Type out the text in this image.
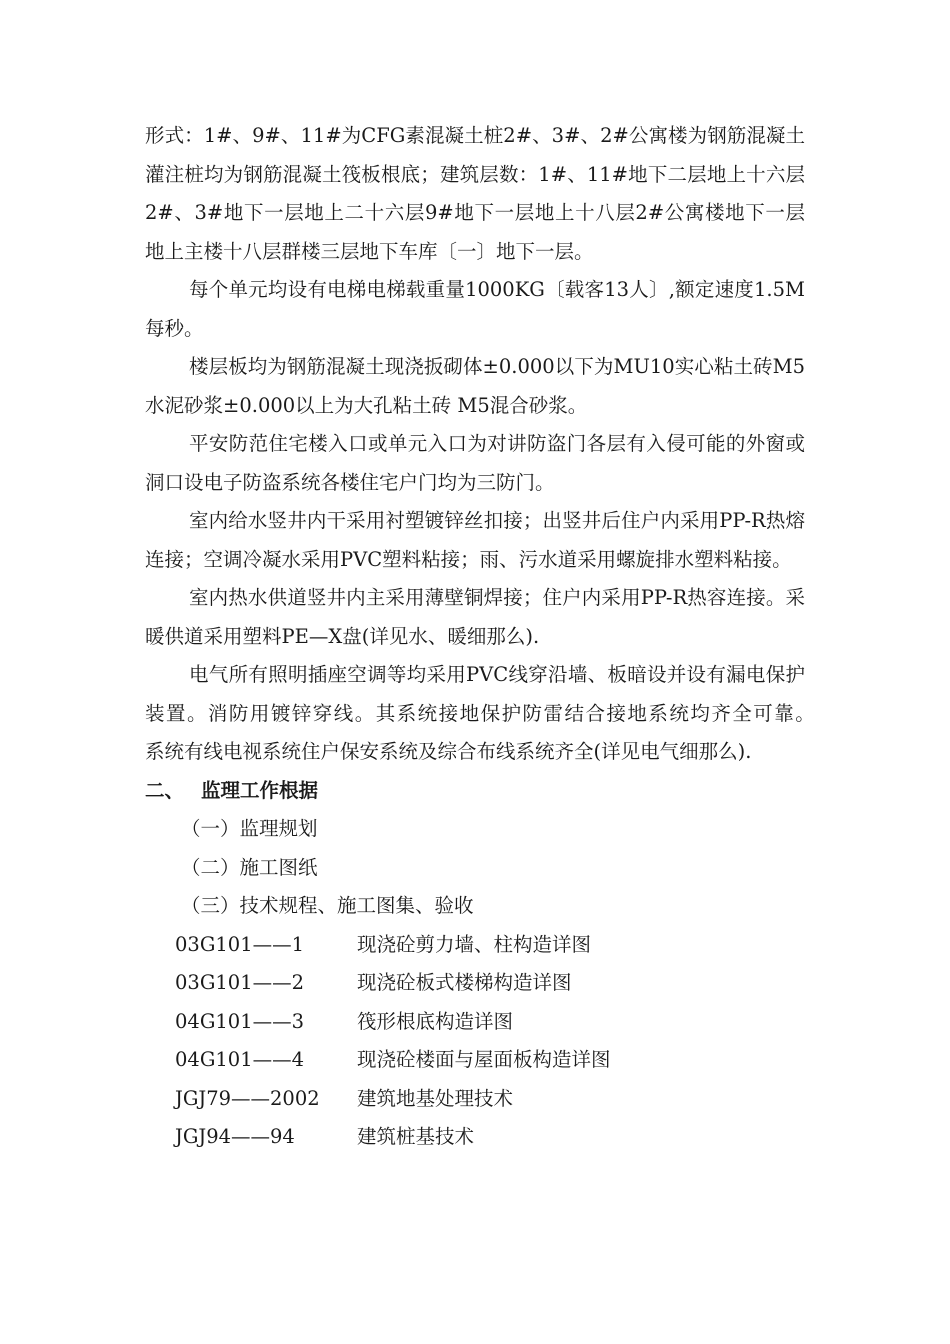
形式：1#、9#、11#为CFG素混凝土桩2#、3#、2#公寓楼为钢筋混凝土灌注桩均为钢筋混凝土筏板根底；建筑层数：1#、11#地下二层地上十六层2#、3#地下一层地上二十六层9#地下一层地上十八层2#公寓楼地下一层地上主楼十八层群楼三层地下车库〔一〕地下一层。

每个单元均设有电梯电梯载重量1000KG〔载客13人〕,额定速度1.5M每秒。

楼层板均为钢筋混凝土现浇扳砌体±0.000以下为MU10实心粘土砖M5水泥砂浆±0.000以上为大孔粘土砖 M5混合砂浆。

平安防范住宅楼入口或单元入口为对讲防盗门各层有入侵可能的外窗或洞口设电子防盗系统各楼住宅户门均为三防门。

室内给水竖井内干采用衬塑镀锌丝扣接；出竖井后住户内采用PP-R热熔连接；空调冷凝水采用PVC塑料粘接；雨、污水道采用螺旋排水塑料粘接。

室内热水供道竖井内主采用薄壁铜焊接；住户内采用PP-R热容连接。采暖供道采用塑料PE—X盘(详见水、暖细那么).

电气所有照明插座空调等均采用PVC线穿沿墙、板暗设并设有漏电保护装置。消防用镀锌穿线。其系统接地保护防雷结合接地系统均齐全可靠。　　系统有线电视系统住户保安系统及综合布线系统齐全(详见电气细那么).

二、 监理工作根据

（一）监理规划

（二）施工图纸

（三）技术规程、施工图集、验收

03G101——1	现浇砼剪力墙、柱构造详图
03G101——2	现浇砼板式楼梯构造详图
04G101——3	筏形根底构造详图
04G101——4	现浇砼楼面与屋面板构造详图
JGJ79——2002	建筑地基处理技术
JGJ94——94	建筑桩基技术
